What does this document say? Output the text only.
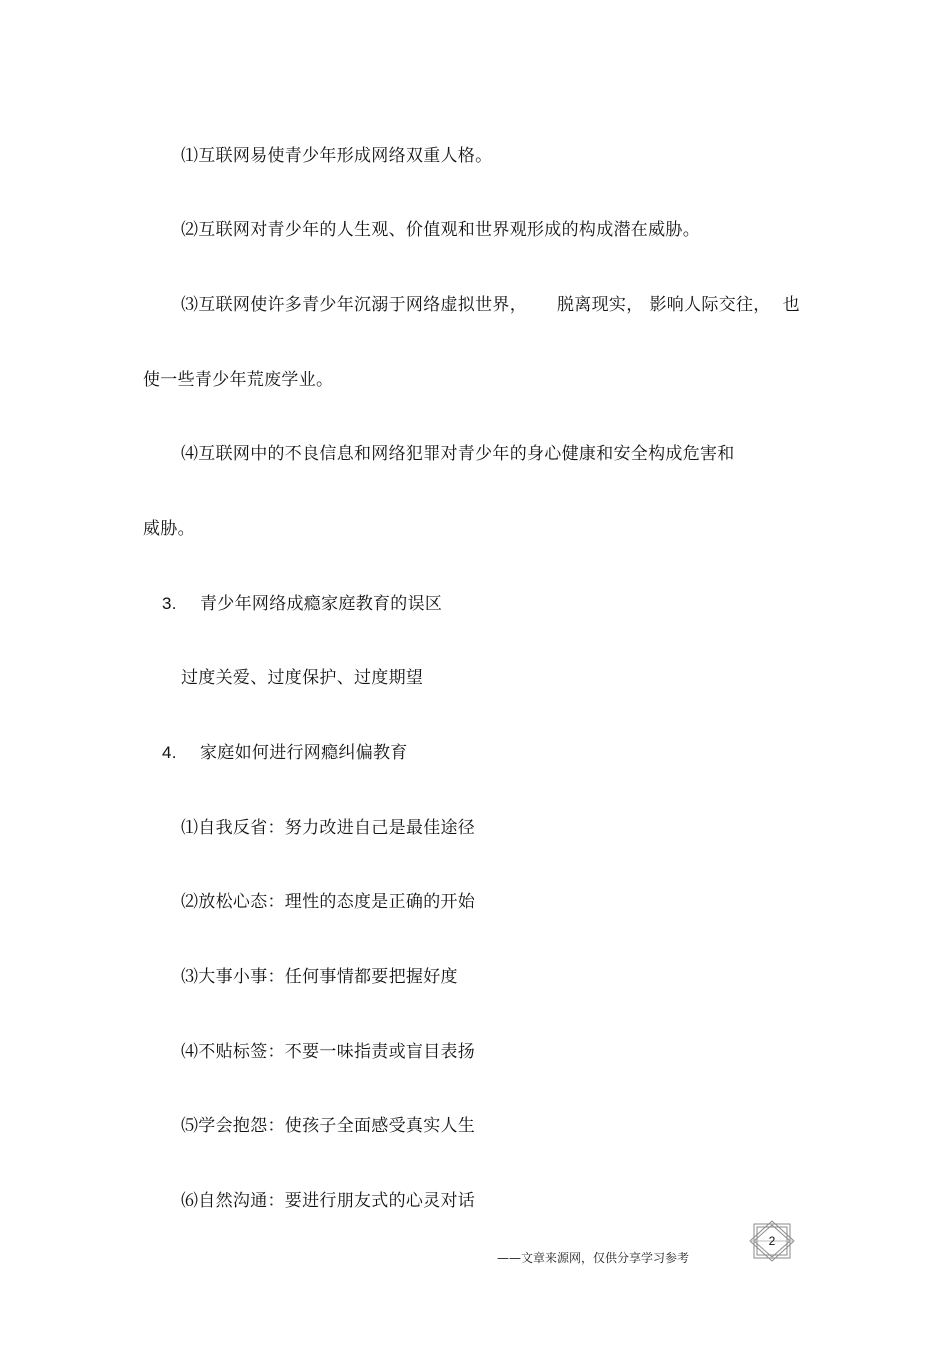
⑴互联网易使青少年形成网络双重人格。
⑵互联网对青少年的人生观、价值观和世界观形成的构成潜在威胁。
⑶互联网使许多青少年沉溺于网络虚拟世界， 脱离现实， 影响人际交往， 也
使一些青少年荒废学业。
⑷互联网中的不良信息和网络犯罪对青少年的身心健康和安全构成危害和
威胁。
3. 青少年网络成瘾家庭教育的误区
过度关爱、过度保护、过度期望
4. 家庭如何进行网瘾纠偏教育
⑴自我反省：努力改进自己是最佳途径
⑵放松心态：理性的态度是正确的开始
⑶大事小事：任何事情都要把握好度
⑷不贴标签：不要一味指责或盲目表扬
⑸学会抱怨：使孩子全面感受真实人生
⑹自然沟通：要进行朋友式的心灵对话
2
——文章来源网，仅供分享学习参考
